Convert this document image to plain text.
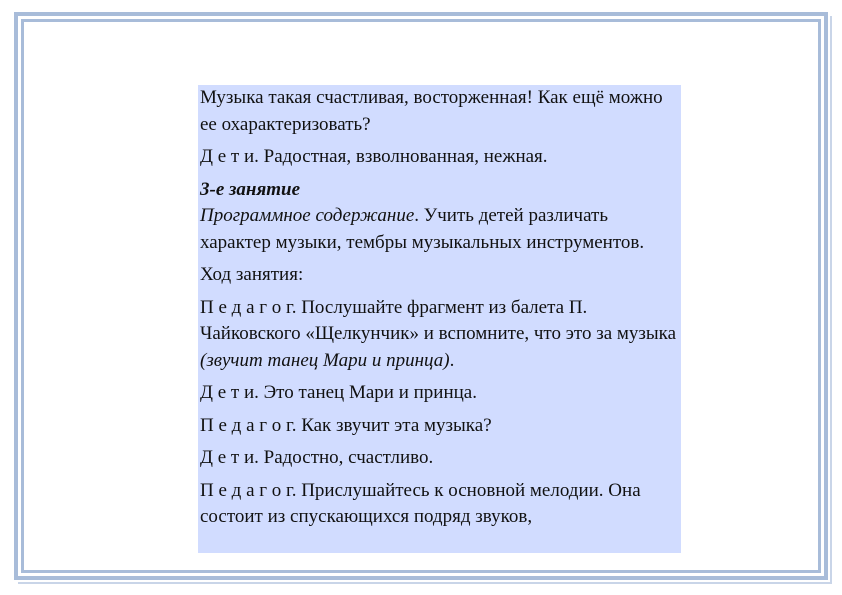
Музыка такая счастливая, восторженная! Как ещё можно ее охарактеризовать?

Д е т и. Радостная, взволнованная, нежная.

3-е занятие

Программное содержание. Учить детей различать характер музыки, тембры музыкальных инструментов.

Ход занятия:

П е д а г о г. Послушайте фрагмент из балета П. Чайковского «Щелкунчик» и вспомните, что это за музыка (звучит танец Мари и принца).

Д е т и. Это танец Мари и принца.

П е д а г о г. Как звучит эта музыка?

Д е т и. Радостно, счастливо.

П е д а г о г. Прислушайтесь к основной мелодии. Она состоит из спускающихся подряд звуков,
